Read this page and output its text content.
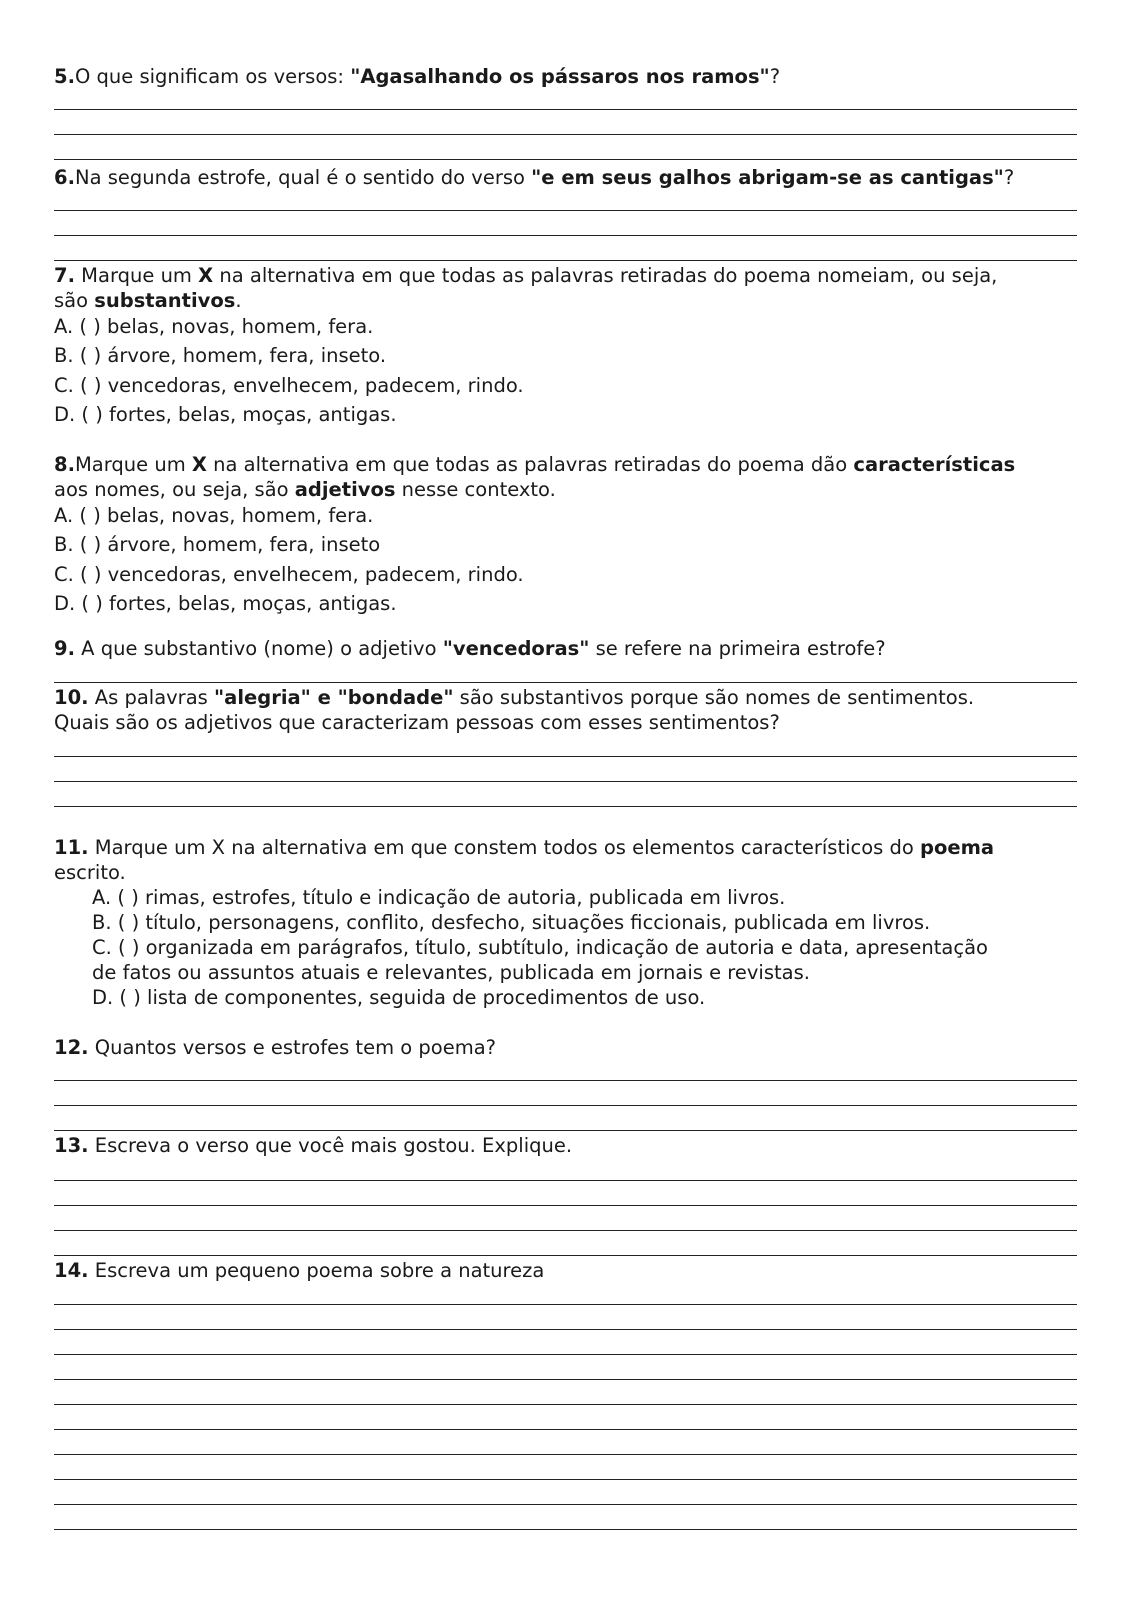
5.O que significam os versos: "Agasalhando os pássaros nos ramos"?
6.Na segunda estrofe, qual é o sentido do verso "e em seus galhos abrigam-se as cantigas"?
7. Marque um X na alternativa em que todas as palavras retiradas do poema nomeiam, ou seja,
são substantivos.
A. ( ) belas, novas, homem, fera.
B. ( ) árvore, homem, fera, inseto.
C. ( ) vencedoras, envelhecem, padecem, rindo.
D. ( ) fortes, belas, moças, antigas.
8.Marque um X na alternativa em que todas as palavras retiradas do poema dão características
aos nomes, ou seja, são adjetivos nesse contexto.
A. ( ) belas, novas, homem, fera.
B. ( ) árvore, homem, fera, inseto
C. ( ) vencedoras, envelhecem, padecem, rindo.
D. ( ) fortes, belas, moças, antigas.
9. A que substantivo (nome) o adjetivo "vencedoras" se refere na primeira estrofe?
10. As palavras "alegria" e "bondade" são substantivos porque são nomes de sentimentos.
Quais são os adjetivos que caracterizam pessoas com esses sentimentos?
11. Marque um X na alternativa em que constem todos os elementos característicos do poema
escrito.
A. ( ) rimas, estrofes, título e indicação de autoria, publicada em livros.
B. ( ) título, personagens, conflito, desfecho, situações ficcionais, publicada em livros.
C. ( ) organizada em parágrafos, título, subtítulo, indicação de autoria e data, apresentação
de fatos ou assuntos atuais e relevantes, publicada em jornais e revistas.
D. ( ) lista de componentes, seguida de procedimentos de uso.
12. Quantos versos e estrofes tem o poema?
13. Escreva o verso que você mais gostou. Explique.
14. Escreva um pequeno poema sobre a natureza
